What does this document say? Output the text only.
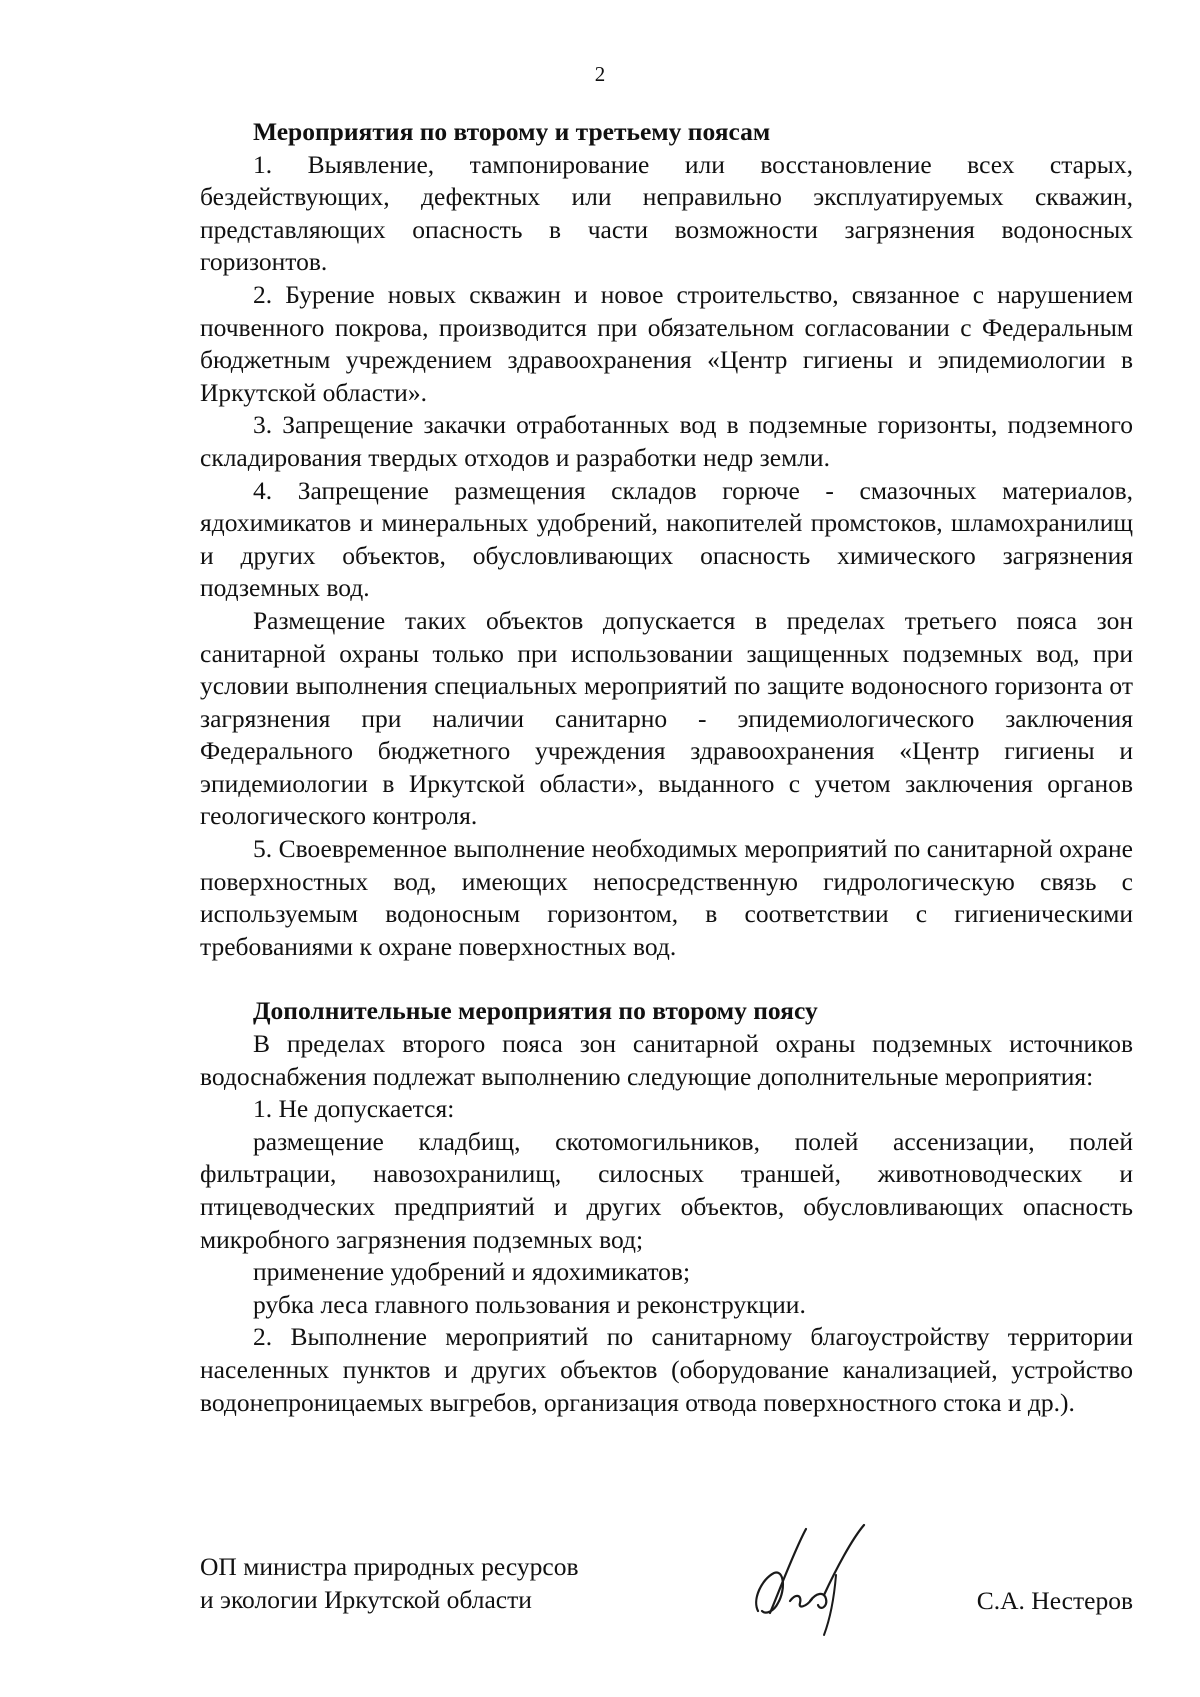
2
Мероприятия по второму и третьему поясам

1. Выявление, тампонирование или восстановление всех старых, бездействующих, дефектных или неправильно эксплуатируемых скважин, представляющих опасность в части возможности загрязнения водоносных горизонтов.

2. Бурение новых скважин и новое строительство, связанное с нарушением почвенного покрова, производится при обязательном согласовании с Федеральным бюджетным учреждением здравоохранения «Центр гигиены и эпидемиологии в Иркутской области».

3. Запрещение закачки отработанных вод в подземные горизонты, подземного складирования твердых отходов и разработки недр земли.

4. Запрещение размещения складов горюче - смазочных материалов, ядохимикатов и минеральных удобрений, накопителей промстоков, шламохранилищ и других объектов, обусловливающих опасность химического загрязнения подземных вод.

Размещение таких объектов допускается в пределах третьего пояса зон санитарной охраны только при использовании защищенных подземных вод, при условии выполнения специальных мероприятий по защите водоносного горизонта от загрязнения при наличии санитарно - эпидемиологического заключения Федерального бюджетного учреждения здравоохранения «Центр гигиены и эпидемиологии в Иркутской области», выданного с учетом заключения органов геологического контроля.

5. Своевременное выполнение необходимых мероприятий по санитарной охране поверхностных вод, имеющих непосредственную гидрологическую связь с используемым водоносным горизонтом, в соответствии с гигиеническими требованиями к охране поверхностных вод.

Дополнительные мероприятия по второму поясу

В пределах второго пояса зон санитарной охраны подземных источников водоснабжения подлежат выполнению следующие дополнительные мероприятия:

1. Не допускается:

размещение кладбищ, скотомогильников, полей ассенизации, полей фильтрации, навозохранилищ, силосных траншей, животноводческих и птицеводческих предприятий и других объектов, обусловливающих опасность микробного загрязнения подземных вод;

применение удобрений и ядохимикатов;

рубка леса главного пользования и реконструкции.

2. Выполнение мероприятий по санитарному благоустройству территории населенных пунктов и других объектов (оборудование канализацией, устройство водонепроницаемых выгребов, организация отвода поверхностного стока и др.).

ОП министра природных ресурсов
и экологии Иркутской области	С.А. Нестеров
